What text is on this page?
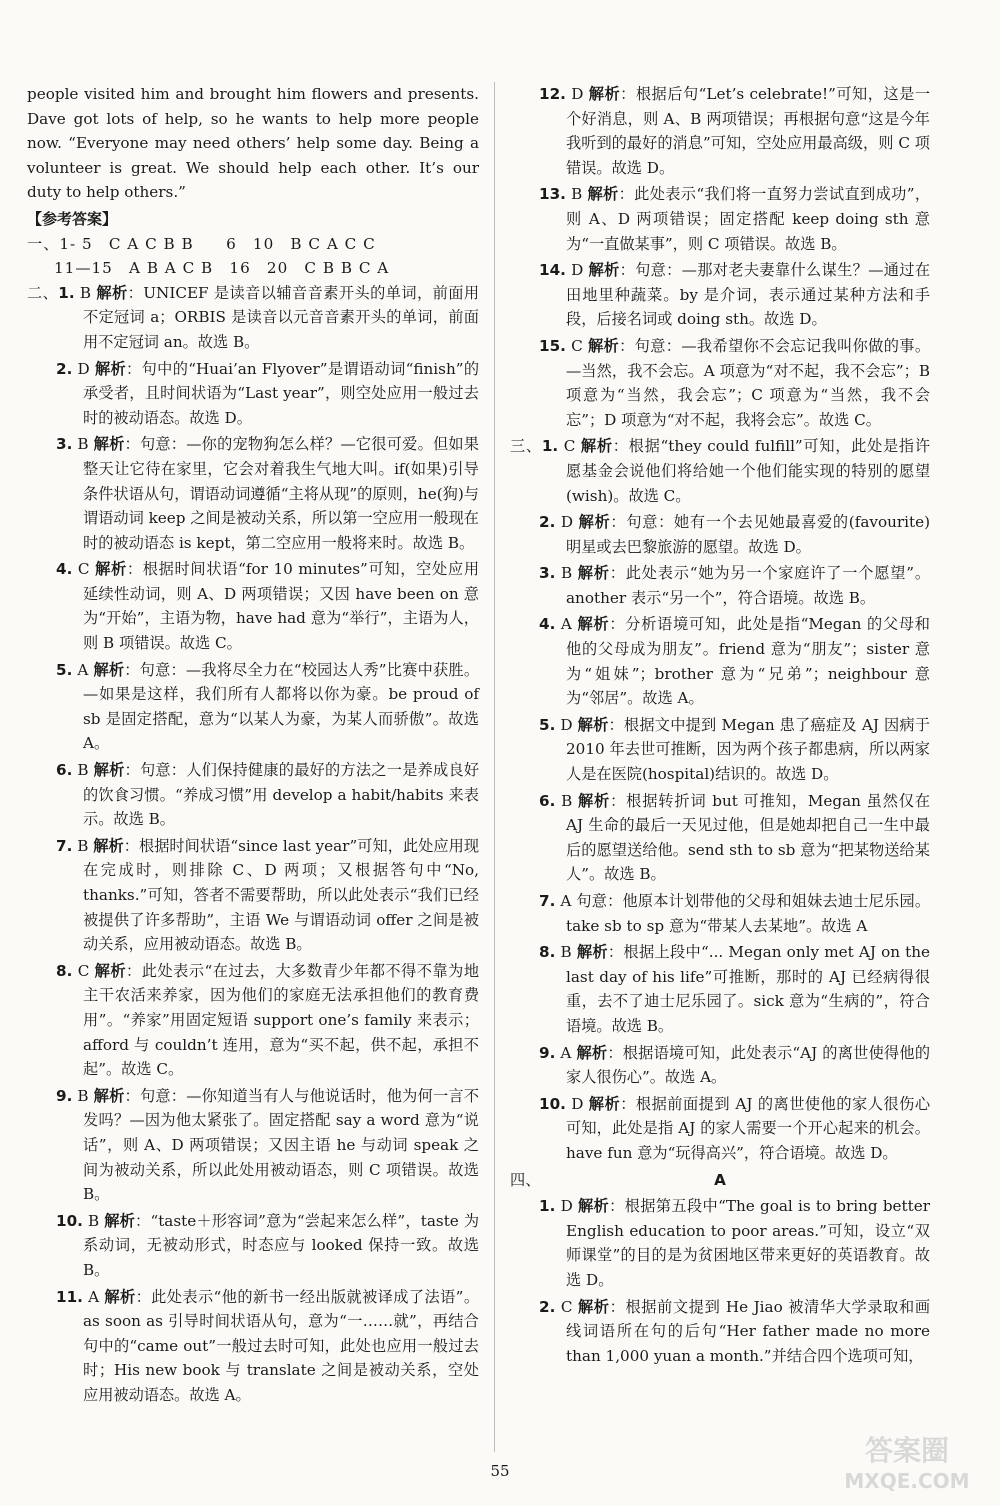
people visited him and brought him flowers and presents. Dave got lots of help, so he wants to help more people now. “Everyone may need others’ help some day. Being a volunteer is great. We should help each other. It’s our duty to help others.”

【参考答案】

一、1- 5　C A C B B　　6　10　B C A C C

11—15　A B A C B　16　20　C B B C A

二、1. B 解析：UNICEF 是读音以辅音音素开头的单词，前面用不定冠词 a；ORBIS 是读音以元音音素开头的单词，前面用不定冠词 an。故选 B。

2. D 解析：句中的“Huai’an Flyover”是谓语动词“finish”的承受者，且时间状语为“Last year”，则空处应用一般过去时的被动语态。故选 D。

3. B 解析：句意：—你的宠物狗怎么样？—它很可爱。但如果整天让它待在家里，它会对着我生气地大叫。if(如果)引导条件状语从句，谓语动词遵循“主将从现”的原则，he(狗)与谓语动词 keep 之间是被动关系，所以第一空应用一般现在时的被动语态 is kept，第二空应用一般将来时。故选 B。

4. C 解析：根据时间状语“for 10 minutes”可知，空处应用延续性动词，则 A、D 两项错误；又因 have been on 意为“开始”，主语为物，have had 意为“举行”，主语为人，则 B 项错误。故选 C。

5. A 解析：句意：—我将尽全力在“校园达人秀”比赛中获胜。—如果是这样，我们所有人都将以你为豪。be proud of sb 是固定搭配，意为“以某人为豪，为某人而骄傲”。故选 A。

6. B 解析：句意：人们保持健康的最好的方法之一是养成良好的饮食习惯。“养成习惯”用 develop a habit/habits 来表示。故选 B。

7. B 解析：根据时间状语“since last year”可知，此处应用现在完成时，则排除 C、D 两项；又根据答句中“No, thanks.”可知，答者不需要帮助，所以此处表示“我们已经被提供了许多帮助”，主语 We 与谓语动词 offer 之间是被动关系，应用被动语态。故选 B。

8. C 解析：此处表示“在过去，大多数青少年都不得不靠为地主干农活来养家，因为他们的家庭无法承担他们的教育费用”。“养家”用固定短语 support one’s family 来表示；afford 与 couldn’t 连用，意为“买不起，供不起，承担不起”。故选 C。

9. B 解析：句意：—你知道当有人与他说话时，他为何一言不发吗？—因为他太紧张了。固定搭配 say a word 意为“说话”，则 A、D 两项错误；又因主语 he 与动词 speak 之间为被动关系，所以此处用被动语态，则 C 项错误。故选 B。

10. B 解析：“taste＋形容词”意为“尝起来怎么样”，taste 为系动词，无被动形式，时态应与 looked 保持一致。故选 B。

11. A 解析：此处表示“他的新书一经出版就被译成了法语”。as soon as 引导时间状语从句，意为“一……就”，再结合句中的“came out”一般过去时可知，此处也应用一般过去时；His new book 与 translate 之间是被动关系，空处应用被动语态。故选 A。

12. D 解析：根据后句“Let’s celebrate!”可知，这是一个好消息，则 A、B 两项错误；再根据句意“这是今年我听到的最好的消息”可知，空处应用最高级，则 C 项错误。故选 D。

13. B 解析：此处表示“我们将一直努力尝试直到成功”，则 A、D 两项错误；固定搭配 keep doing sth 意为“一直做某事”，则 C 项错误。故选 B。

14. D 解析：句意：—那对老夫妻靠什么谋生？—通过在田地里种蔬菜。by 是介词，表示通过某种方法和手段，后接名词或 doing sth。故选 D。

15. C 解析：句意：—我希望你不会忘记我叫你做的事。—当然，我不会忘。A 项意为“对不起，我不会忘”；B 项意为“当然，我会忘”；C 项意为“当然，我不会忘”；D 项意为“对不起，我将会忘”。故选 C。

三、1. C 解析：根据“they could fulfill”可知，此处是指许愿基金会说他们将给她一个他们能实现的特别的愿望(wish)。故选 C。

2. D 解析：句意：她有一个去见她最喜爱的(favourite)明星或去巴黎旅游的愿望。故选 D。

3. B 解析：此处表示“她为另一个家庭许了一个愿望”。another 表示“另一个”，符合语境。故选 B。

4. A 解析：分析语境可知，此处是指“Megan 的父母和他的父母成为朋友”。friend 意为“朋友”；sister 意为“姐妹”；brother 意为“兄弟”；neighbour 意为“邻居”。故选 A。

5. D 解析：根据文中提到 Megan 患了癌症及 AJ 因病于 2010 年去世可推断，因为两个孩子都患病，所以两家人是在医院(hospital)结识的。故选 D。

6. B 解析：根据转折词 but 可推知，Megan 虽然仅在 AJ 生命的最后一天见过他，但是她却把自己一生中最后的愿望送给他。send sth to sb 意为“把某物送给某人”。故选 B。

7. A 句意：他原本计划带他的父母和姐妹去迪士尼乐园。take sb to sp 意为“带某人去某地”。故选 A

8. B 解析：根据上段中“... Megan only met AJ on the last day of his life”可推断，那时的 AJ 已经病得很重，去不了迪士尼乐园了。sick 意为“生病的”，符合语境。故选 B。

9. A 解析：根据语境可知，此处表示“AJ 的离世使得他的家人很伤心”。故选 A。

10. D 解析：根据前面提到 AJ 的离世使他的家人很伤心可知，此处是指 AJ 的家人需要一个开心起来的机会。have fun 意为“玩得高兴”，符合语境。故选 D。

四、	A

1. D 解析：根据第五段中“The goal is to bring better English education to poor areas.”可知，设立“双师课堂”的目的是为贫困地区带来更好的英语教育。故选 D。

2. C 解析：根据前文提到 He Jiao 被清华大学录取和画线词语所在句的后句“Her father made no more than 1,000 yuan a month.”并结合四个选项可知，

55
答案圈
MXQE.COM
